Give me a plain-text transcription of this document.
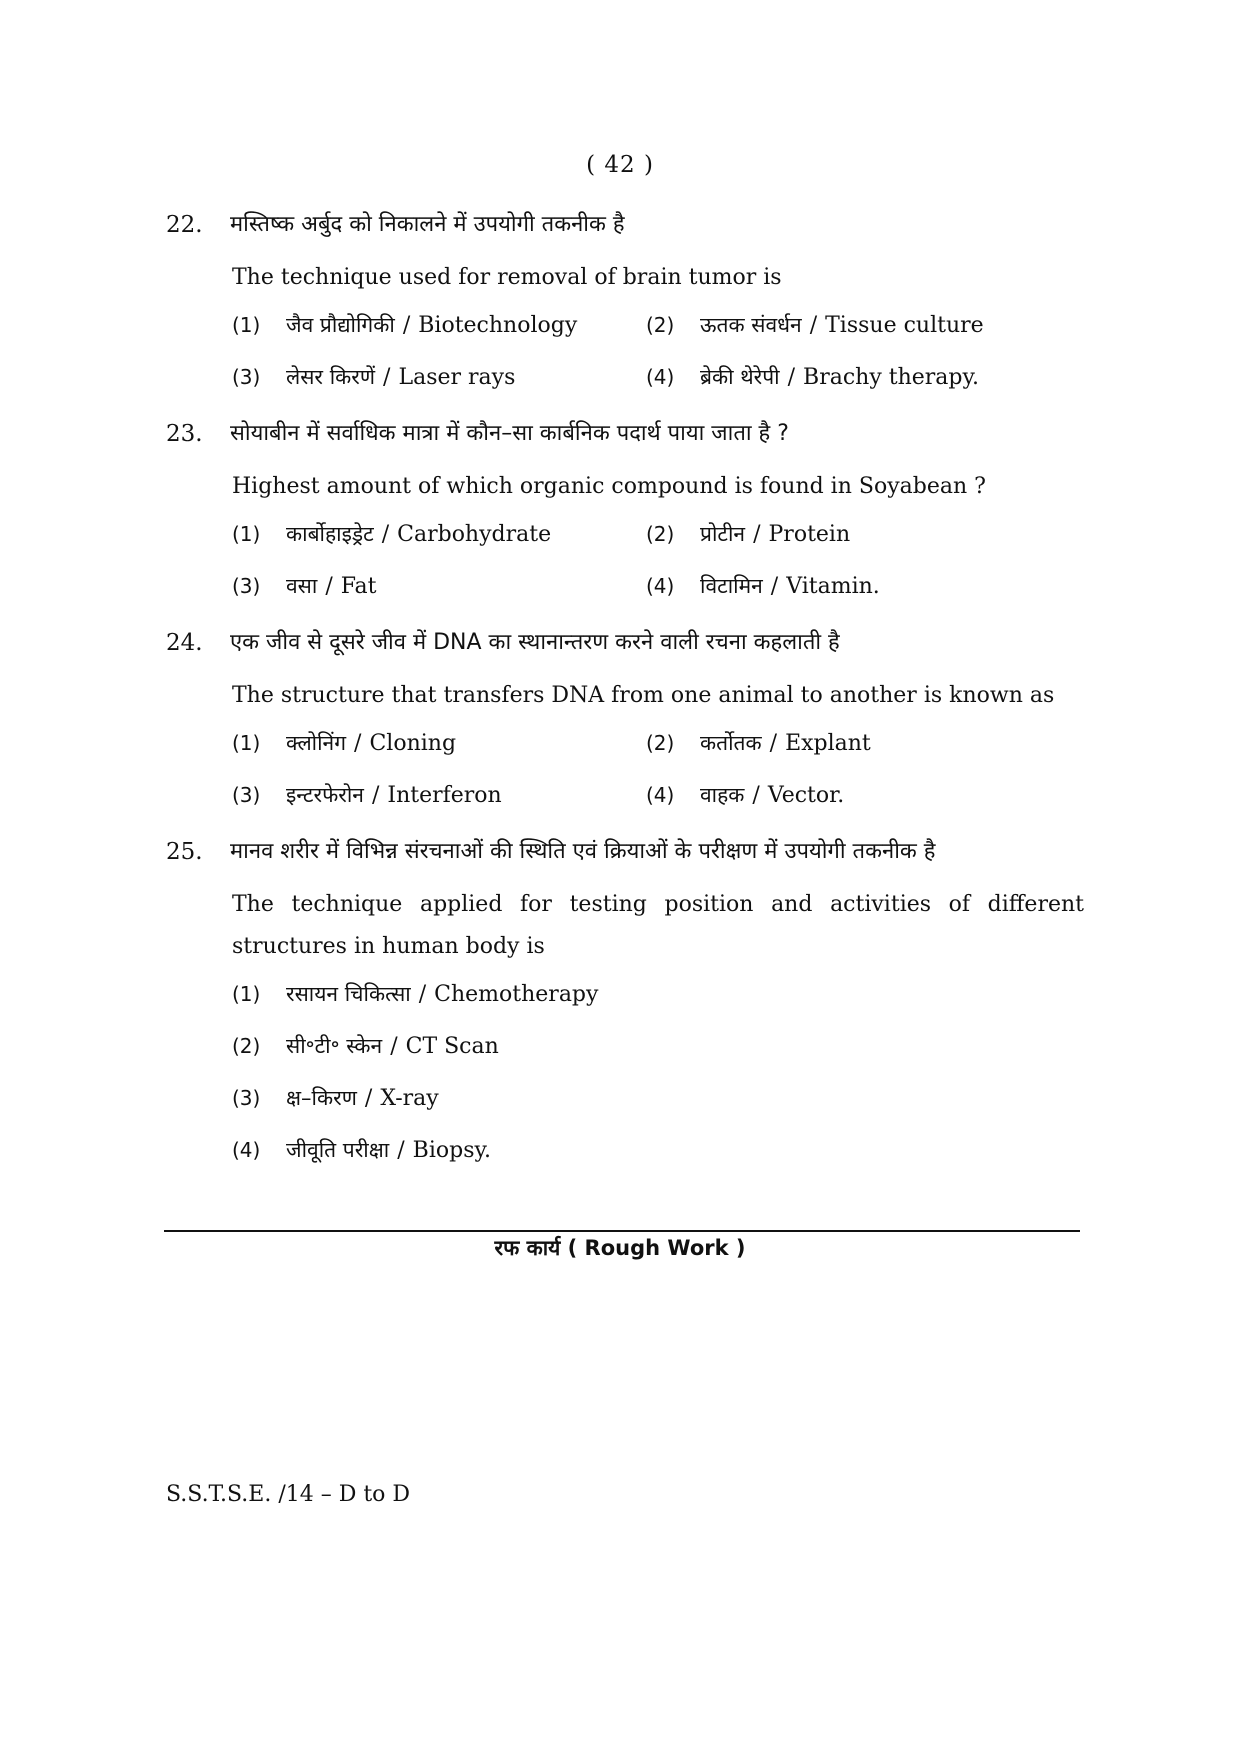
( 42 )
22.	मस्तिष्क अर्बुद को निकालने में उपयोगी तकनीक है
The technique used for removal of brain tumor is
(1) जैव प्रौद्योगिकी / Biotechnology	(2) ऊतक संवर्धन / Tissue culture
(3) लेसर किरणें / Laser rays	(4) ब्रेकी थेरेपी / Brachy therapy.
23.	सोयाबीन में सर्वाधिक मात्रा में कौन–सा कार्बनिक पदार्थ पाया जाता है ?
Highest amount of which organic compound is found in Soyabean ?
(1) कार्बोहाइड्रेट / Carbohydrate	(2) प्रोटीन / Protein
(3) वसा / Fat	(4) विटामिन / Vitamin.
24.	एक जीव से दूसरे जीव में DNA का स्थानान्तरण करने वाली रचना कहलाती है
The structure that transfers DNA from one animal to another is known as
(1) क्लोनिंग / Cloning	(2) कर्तोतक / Explant
(3) इन्टरफेरोन / Interferon	(4) वाहक / Vector.
25.	मानव शरीर में विभिन्न संरचनाओं की स्थिति एवं क्रियाओं के परीक्षण में उपयोगी तकनीक है
The technique applied for testing position and activities of different structures in human body is
(1) रसायन चिकित्सा / Chemotherapy
(2) सी॰टी॰ स्केन / CT Scan
(3) क्ष–किरण / X-ray
(4) जीवूति परीक्षा / Biopsy.
रफ कार्य ( Rough Work )
S.S.T.S.E. /14 – D to D
